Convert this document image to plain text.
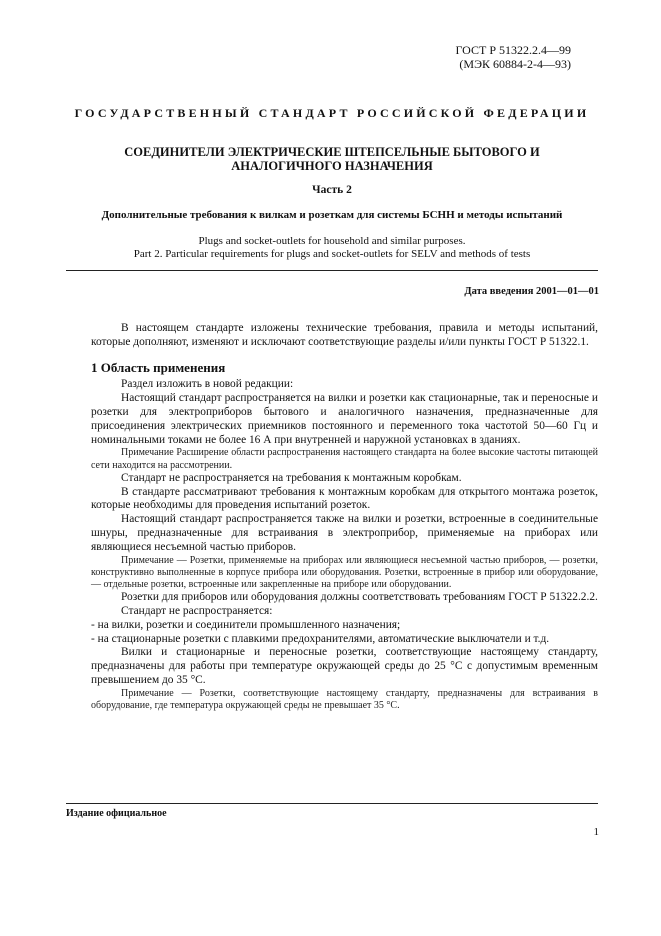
ГОСТ Р 51322.2.4—99
(МЭК 60884-2-4—93)
ГОСУДАРСТВЕННЫЙ СТАНДАРТ РОССИЙСКОЙ ФЕДЕРАЦИИ
СОЕДИНИТЕЛИ ЭЛЕКТРИЧЕСКИЕ ШТЕПСЕЛЬНЫЕ БЫТОВОГО И
АНАЛОГИЧНОГО НАЗНАЧЕНИЯ
Часть 2
Дополнительные требования к вилкам и розеткам для системы БСНН и методы испытаний
Plugs and socket-outlets for household and similar purposes.
Part 2. Particular requirements for plugs and socket-outlets for SELV and methods of tests
Дата введения 2001—01—01

В настоящем стандарте изложены технические требования, правила и методы испытаний, которые дополняют, изменяют и исключают соответствующие разделы и/или пункты ГОСТ Р 51322.1.

1 Область применения

Раздел изложить в новой редакции:

Настоящий стандарт распространяется на вилки и розетки как стационарные, так и переносные и розетки для электроприборов бытового и аналогичного назначения, предназначенные для присоединения электрических приемников постоянного и переменного тока частотой 50—60 Гц и номинальными токами не более 16 А при внутренней и наружной установках в зданиях.

Примечание Расширение области распространения настоящего стандарта на более высокие частоты питающей сети находится на рассмотрении.

Стандарт не распространяется на требования к монтажным коробкам.

В стандарте рассматривают требования к монтажным коробкам для открытого монтажа розеток, которые необходимы для проведения испытаний розеток.

Настоящий стандарт распространяется также на вилки и розетки, встроенные в соединительные шнуры, предназначенные для встраивания в электроприбор, применяемые на приборах или являющиеся несъемной частью приборов.

Примечание — Розетки, применяемые на приборах или являющиеся несъемной частью приборов, — розетки, конструктивно выполненные в корпусе прибора или оборудования. Розетки, встроенные в прибор или оборудование, — отдельные розетки, встроенные или закрепленные на приборе или оборудовании.

Розетки для приборов или оборудования должны соответствовать требованиям ГОСТ Р 51322.2.2.

Стандарт не распространяется:

- на вилки, розетки и соединители промышленного назначения;

- на стационарные розетки с плавкими предохранителями, автоматические выключатели и т.д.

Вилки и стационарные и переносные розетки, соответствующие настоящему стандарту, предназначены для работы при температуре окружающей среды до 25 °С с допустимым временным превышением до 35 °С.

Примечание — Розетки, соответствующие настоящему стандарту, предназначены для встраивания в оборудование, где температура окружающей среды не превышает 35 °С.

Издание официальное
1
